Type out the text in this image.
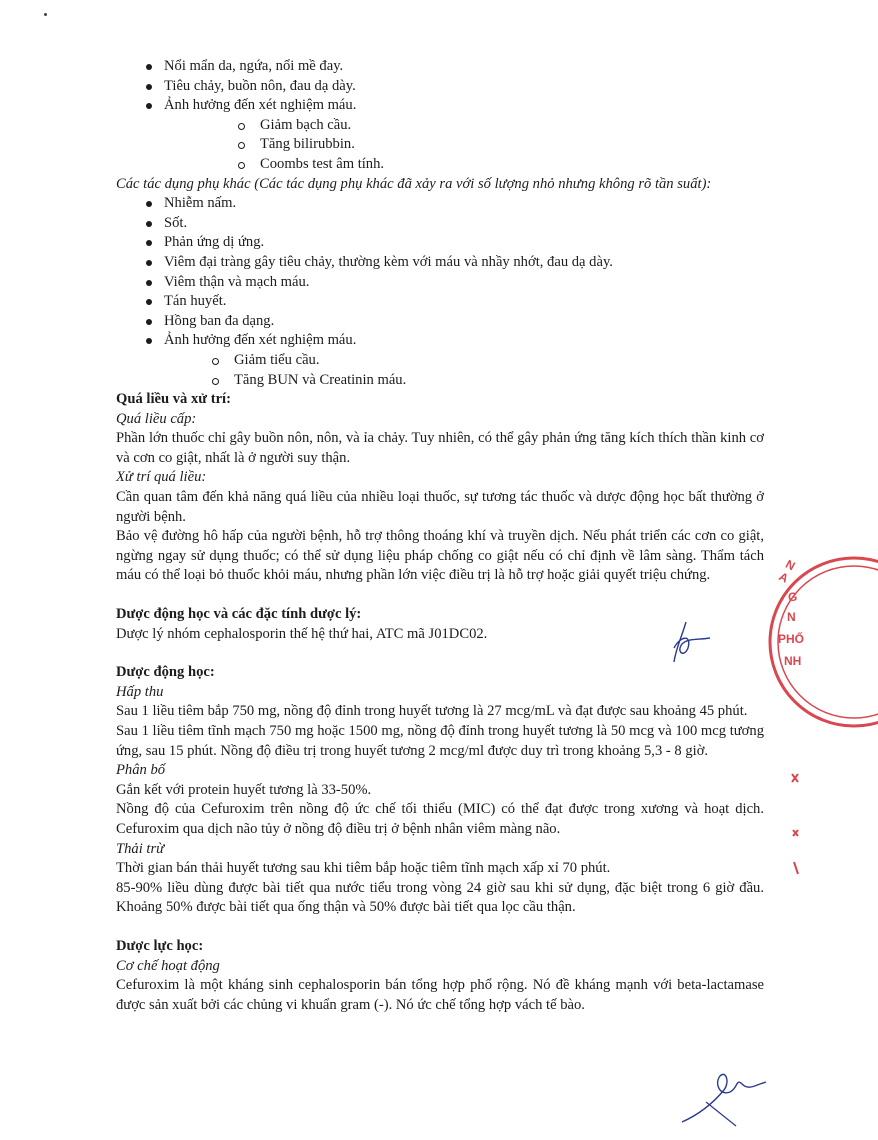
Nổi mẩn da, ngứa, nổi mề đay.
Tiêu chảy, buồn nôn, đau dạ dày.
Ảnh hưởng đến xét nghiệm máu.
Giảm bạch cầu.
Tăng bilirubbin.
Coombs test âm tính.

Các tác dụng phụ khác (Các tác dụng phụ khác đã xảy ra với số lượng nhỏ nhưng không rõ tần suất):

Nhiễm nấm.
Sốt.
Phản ứng dị ứng.
Viêm đại tràng gây tiêu chảy, thường kèm với máu và nhầy nhớt, đau dạ dày.
Viêm thận và mạch máu.
Tán huyết.
Hồng ban đa dạng.
Ảnh hưởng đến xét nghiệm máu.
Giảm tiểu cầu.
Tăng BUN và Creatinin máu.

Quá liều và xử trí:

Quá liều cấp:

Phần lớn thuốc chỉ gây buồn nôn, nôn, và ỉa chảy. Tuy nhiên, có thể gây phản ứng tăng kích thích thần kinh cơ và cơn co giật, nhất là ở người suy thận.

Xử trí quá liều:

Cần quan tâm đến khả năng quá liều của nhiều loại thuốc, sự tương tác thuốc và dược động học bất thường ở người bệnh.

Bảo vệ đường hô hấp của người bệnh, hỗ trợ thông thoáng khí và truyền dịch. Nếu phát triển các cơn co giật, ngừng ngay sử dụng thuốc; có thể sử dụng liệu pháp chống co giật nếu có chỉ định về lâm sàng. Thẩm tách máu có thể loại bỏ thuốc khỏi máu, nhưng phần lớn việc điều trị là hỗ trợ hoặc giải quyết triệu chứng.

Dược động học và các đặc tính dược lý:

Dược lý nhóm cephalosporin thế hệ thứ hai, ATC mã J01DC02.

Dược động học:

Hấp thu

Sau 1 liều tiêm bắp 750 mg, nồng độ đỉnh trong huyết tương là 27 mcg/mL và đạt được sau khoảng 45 phút.

Sau 1 liều tiêm tĩnh mạch 750 mg hoặc 1500 mg, nồng độ đỉnh trong huyết tương là 50 mcg và 100 mcg tương ứng, sau 15 phút. Nồng độ điều trị trong huyết tương 2 mcg/ml được duy trì trong khoảng 5,3 - 8 giờ.

Phân bố

Gắn kết với protein huyết tương là 33-50%.

Nồng độ của Cefuroxim trên nồng độ ức chế tối thiểu (MIC) có thể đạt được trong xương và hoạt dịch. Cefuroxim qua dịch não tủy ở nồng độ điều trị ở bệnh nhân viêm màng não.

Thải trừ

Thời gian bán thải huyết tương sau khi tiêm bắp hoặc tiêm tĩnh mạch xấp xỉ 70 phút.

85-90% liều dùng được bài tiết qua nước tiểu trong vòng 24 giờ sau khi sử dụng, đặc biệt trong 6 giờ đầu. Khoảng 50% được bài tiết qua ống thận và 50% được bài tiết qua lọc cầu thận.

Dược lực học:

Cơ chế hoạt động

Cefuroxim là một kháng sinh cephalosporin bán tổng hợp phổ rộng. Nó đề kháng mạnh với beta-lactamase được sản xuất bởi các chủng vi khuẩn gram (-). Nó ức chế tổng hợp vách tế bào.

N A
G
N
PHỐ
NH
